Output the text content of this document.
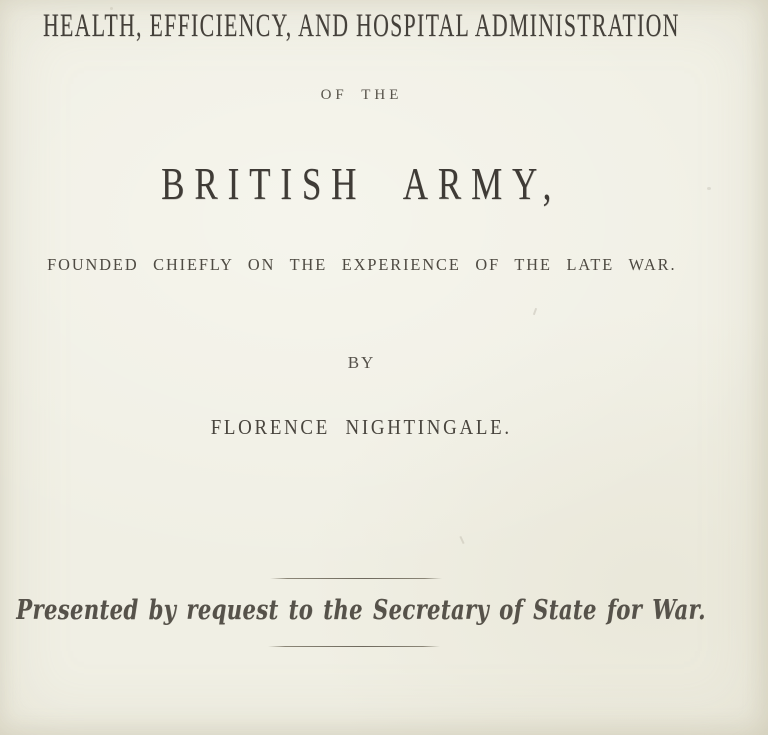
HEALTH, EFFICIENCY, AND HOSPITAL ADMINISTRATION
OF THE
BRITISH ARMY,
FOUNDED CHIEFLY ON THE EXPERIENCE OF THE LATE WAR.
BY
FLORENCE NIGHTINGALE.
Presented by request to the Secretary of State for War.
